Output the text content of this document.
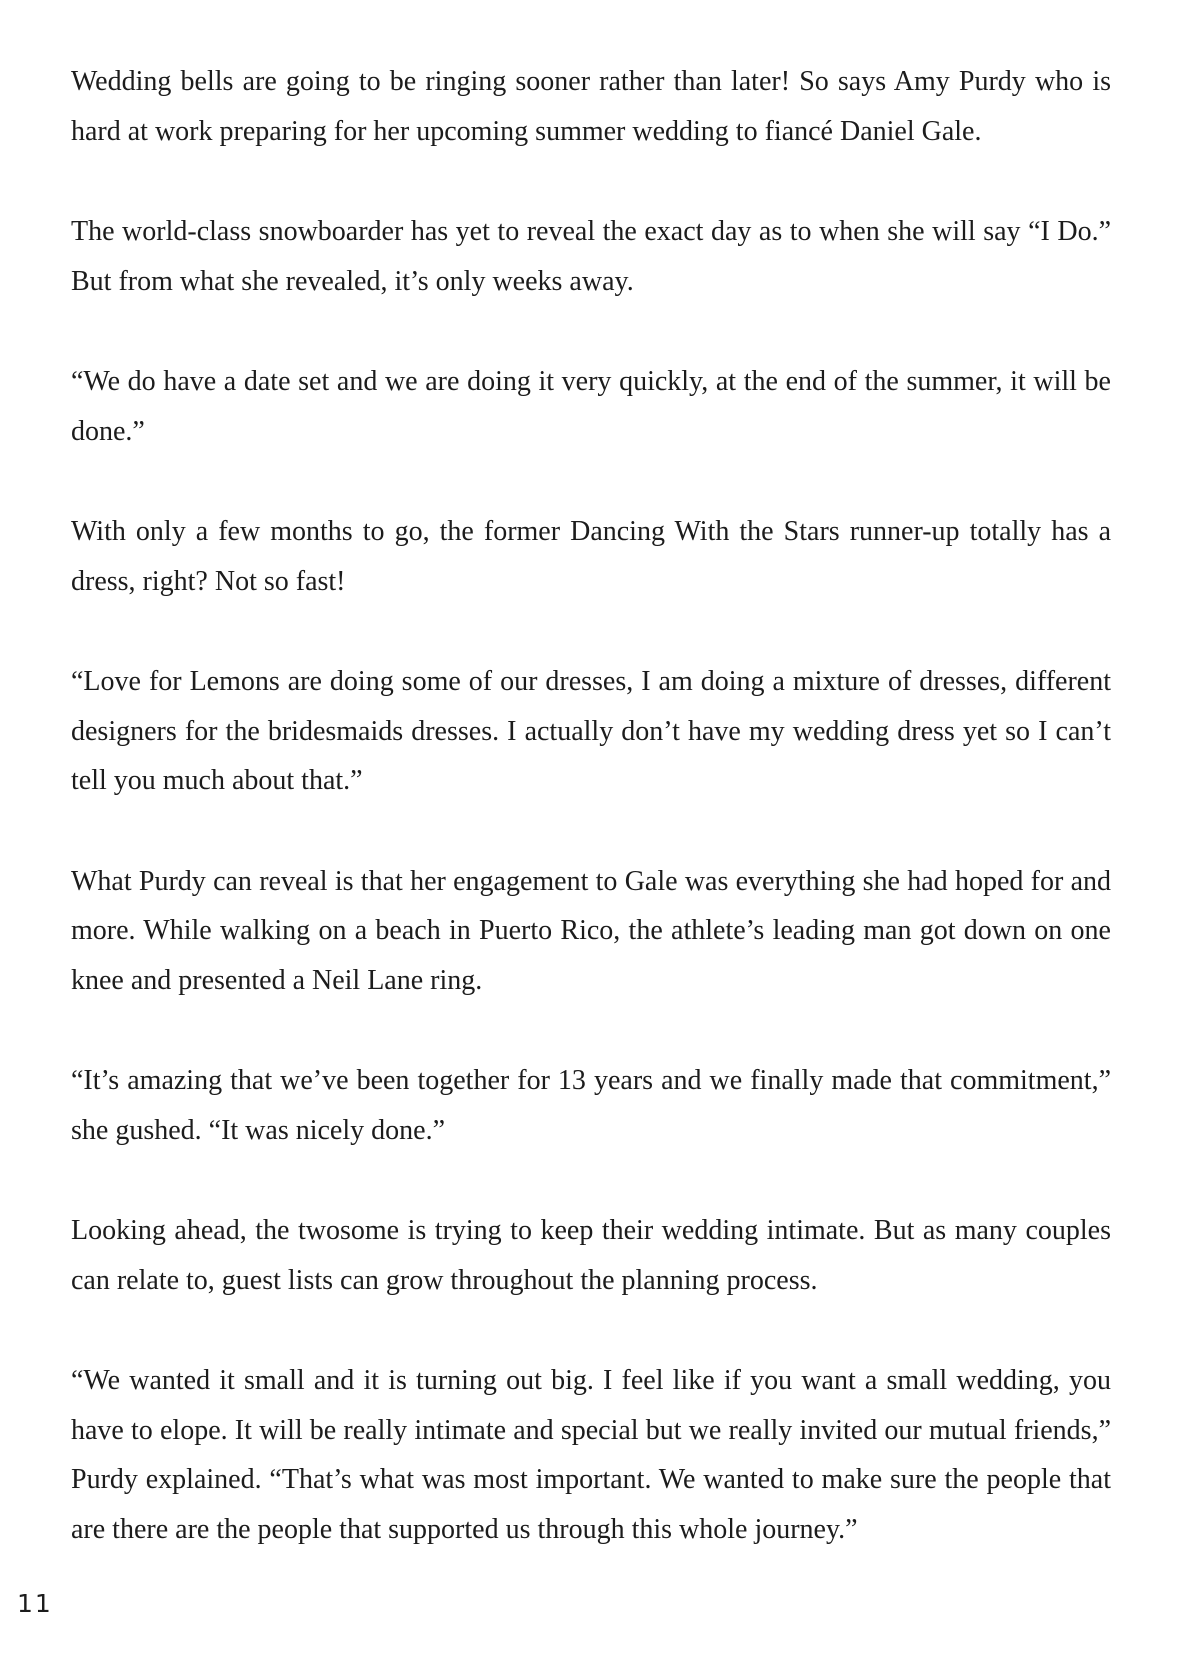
Wedding bells are going to be ringing sooner rather than later! So says Amy Purdy who is hard at work preparing for her upcoming summer wedding to fiancé Daniel Gale.

The world-class snowboarder has yet to reveal the exact day as to when she will say “I Do.” But from what she revealed, it’s only weeks away.

“We do have a date set and we are doing it very quickly, at the end of the summer, it will be done.”

With only a few months to go, the former Dancing With the Stars runner-up totally has a dress, right? Not so fast!

“Love for Lemons are doing some of our dresses, I am doing a mixture of dresses, different designers for the bridesmaids dresses. I actually don’t have my wedding dress yet so I can’t tell you much about that.”

What Purdy can reveal is that her engagement to Gale was everything she had hoped for and more. While walking on a beach in Puerto Rico, the athlete’s leading man got down on one knee and presented a Neil Lane ring.

“It’s amazing that we’ve been together for 13 years and we finally made that commitment,” she gushed. “It was nicely done.”

Looking ahead, the twosome is trying to keep their wedding intimate. But as many couples can relate to, guest lists can grow throughout the planning process.

“We wanted it small and it is turning out big. I feel like if you want a small wedding, you have to elope. It will be really intimate and special but we really invited our mutual friends,” Purdy explained. “That’s what was most important. We wanted to make sure the people that are there are the people that supported us through this whole journey.”

11
